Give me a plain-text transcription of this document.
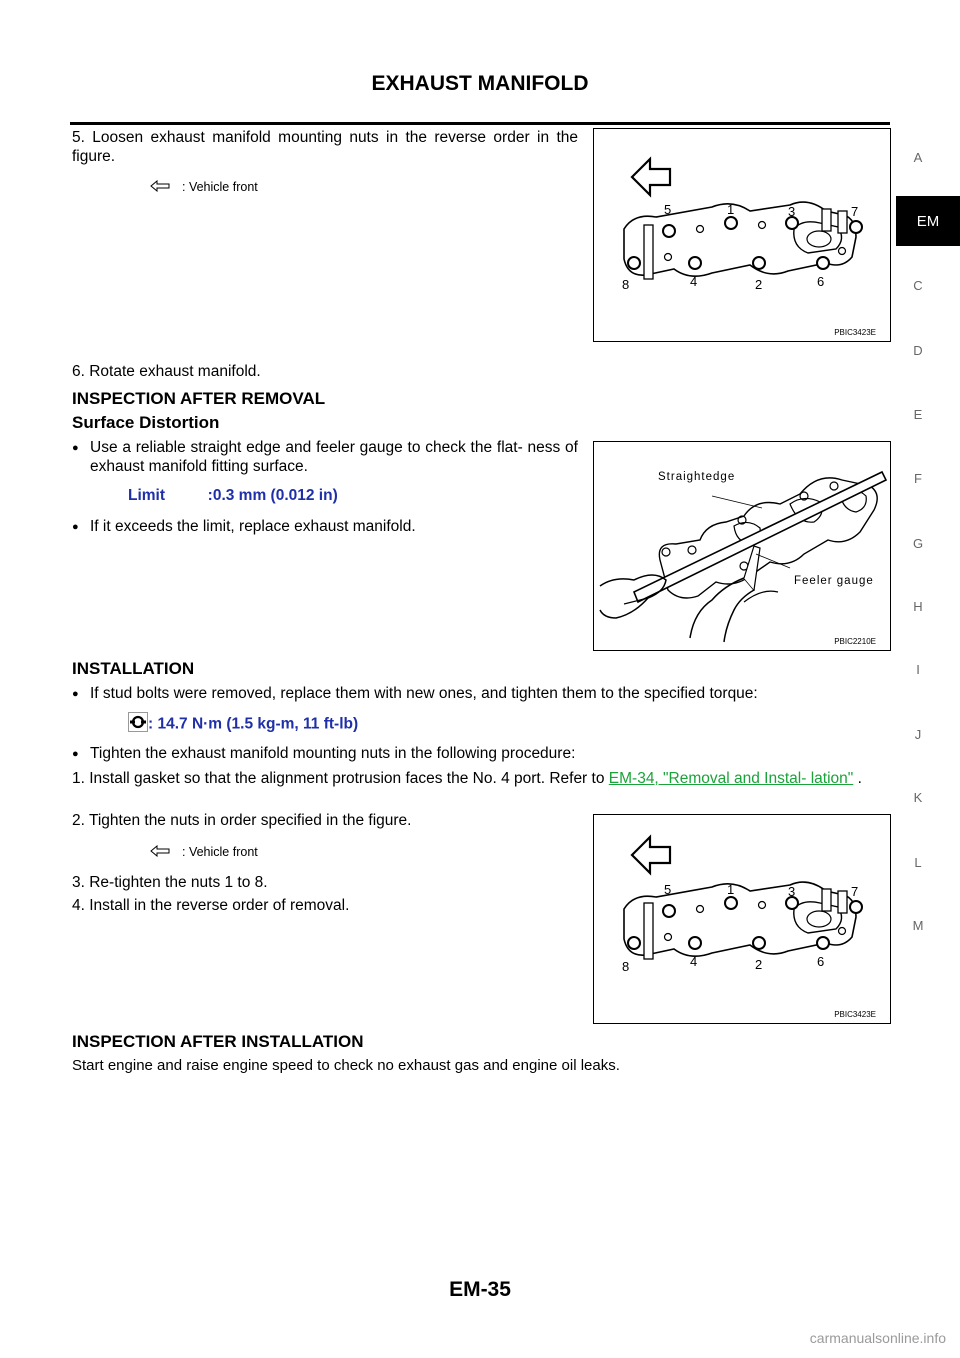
EXHAUST MANIFOLD
A
EM
C
D
E
F
G
H
I
J
K
L
M
5. Loosen exhaust manifold mounting nuts in the reverse order in the figure.
: Vehicle front
5	1	3	7
8	4	2	6
PBIC3423E
6. Rotate exhaust manifold.
INSPECTION AFTER REMOVAL
Surface Distortion
● Use a reliable straight edge and feeler gauge to check the flat- ness of exhaust manifold fitting surface.
Limit	:0.3 mm (0.012 in)
● If it exceeds the limit, replace exhaust manifold.
Straightedge
Feeler gauge
PBIC2210E
INSTALLATION
● If stud bolts were removed, replace them with new ones, and tighten them to the specified torque:
: 14.7 N·m (1.5 kg-m, 11 ft-lb)
● Tighten the exhaust manifold mounting nuts in the following procedure:
1. Install gasket so that the alignment protrusion faces the No. 4 port. Refer to EM-34, "Removal and Instal- lation" .
2. Tighten the nuts in order specified in the figure.
: Vehicle front
3. Re-tighten the nuts 1 to 8.
4. Install in the reverse order of removal.
5	1	3	7
8	4	2	6
PBIC3423E
INSPECTION AFTER INSTALLATION
Start engine and raise engine speed to check no exhaust gas and engine oil leaks.
EM-35
carmanualsonline.info
